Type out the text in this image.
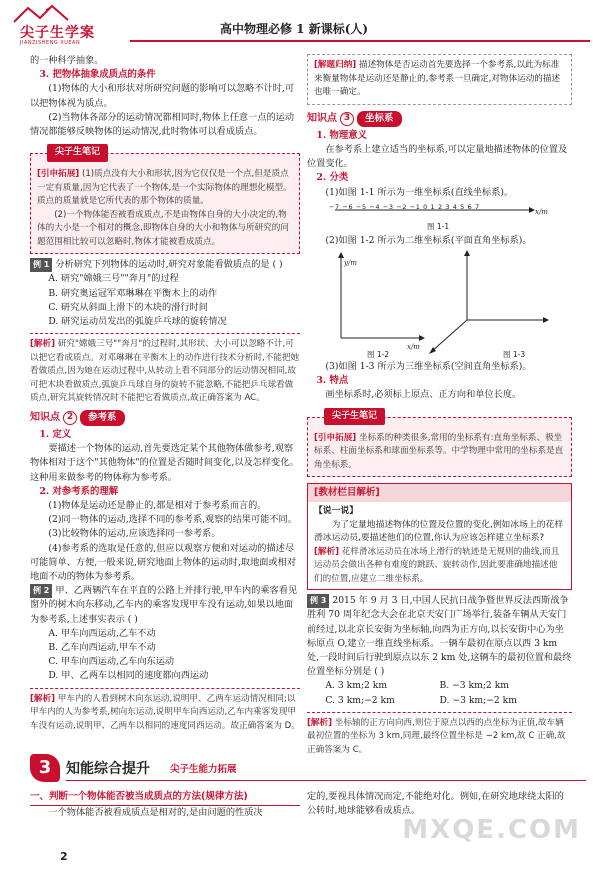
尖子生学案
JIANZISHENG XUEAN
高中物理必修 1 新课标(人)
的一种科学抽象。
3. 把物体抽象成质点的条件
(1)物体的大小和形状对所研究问题的影响可以忽略不计时,可以把物体视为质点。
(2)当物体各部分的运动情况都相同时,物体上任意一点的运动情况都能够反映物体的运动情况,此时物体可以看成质点。
尖子生笔记
[引申拓展] (1)质点没有大小和形状,因为它仅仅是一个点,但是质点一定有质量,因为它代表了一个物体,是一个实际物体的理想化模型。质点的质量就是它所代表的那个物体的质量。
(2)一个物体能否被看成质点,不是由物体自身的大小决定的,物体的大小是一个相对的概念,即物体自身的大小和物体与所研究的问题范围相比较可以忽略时,物体才能被看成质点。
例 1 分析研究下列物体的运动时,研究对象能看做质点的是 ( )
A. 研究"嫦娥三号""奔月"的过程
B. 研究奥运冠军邓琳琳在平衡木上的动作
C. 研究从斜面上滑下的木块的滑行时间
D. 研究运动员发出的弧旋乒乓球的旋转情况
[解析] 研究"嫦娥三号""奔月"的过程时,其形状、大小可以忽略不计,可以把它看成质点。对邓琳琳在平衡木上的动作进行技术分析时,不能把她看做质点,因为她在运动过程中,从转动上看不同部分的运动情况相同,故可把木块看做质点,弧旋乒乓球自身的旋转不能忽略,不能把乒乓球看做质点,研究其旋转情况时不能把它看做质点,故正确答案为 AC。
知识点 2	参考系
1. 定义
要描述一个物体的运动,首先要选定某个其他物体做参考,观察物体相对于这个"其他物体"的位置是否随时间变化,以及怎样变化。这种用来做参考的物体称为参考系。
2. 对参考系的理解
(1)物体是运动还是静止的,都是相对于参考系而言的。
(2)同一物体的运动,选择不同的参考系,观察的结果可能不同。
(3)比较物体的运动,应该选择同一参考系。
(4)参考系的选取是任意的,但应以观察方便和对运动的描述尽可能简单、方便,一般来说,研究地面上物体的运动时,取地面或相对地面不动的物体为参考系。
例 2 甲、乙两辆汽车在平直的公路上并排行驶,甲车内的乘客看见窗外的树木向东移动,乙车内的乘客发现甲车没有运动,如果以地面为参考系,上述事实表示 ( )
A. 甲车向西运动,乙车不动
B. 乙车向西运动,甲车不动
C. 甲车向西运动,乙车向东运动
D. 甲、乙两车以相同的速度都向西运动
[解析] 甲车内的人看到树木向东运动,说明甲、乙两车运动情况相同;以甲车内的人为参考系,树向东运动,说明甲车向西运动,乙车内乘客发现甲车没有运动,说明甲、乙两车以相同的速度同西运动。故正确答案为 D。
[解题归纳] 描述物体是否运动首先要选择一个参考系,以此为标准来衡量物体是运动还是静止的,参考系一旦确定,对物体运动的描述也唯一确定。
知识点 3	坐标系
1. 物理意义
在参考系上建立适当的坐标系,可以定量地描述物体的位置及位置变化。
2. 分类
(1)如图 1-1 所示为一维坐标系(直线坐标系)。
−7 −6 −5 −4 −3 −2 −1 0 1 2 3 4 5 6 7
x/m
图 1-1
(2)如图 1-2 所示为二维坐标系(平面直角坐标系)。
y/m
x/m
图 1-2	图 1-3
(3)如图 1-3 所示为三维坐标系(空间直角坐标系)。
3. 特点
画坐标系时,必须标上原点、正方向和单位长度。
尖子生笔记
[引申拓展] 坐标系的种类很多,常用的坐标系有:直角坐标系、极坐标系、柱面坐标系和球面坐标系等。中学物理中常用的坐标系是直角坐标系。
[教材栏目解析]
【说一说】
为了定量地描述物体的位置及位置的变化,例如冰场上的花样滑冰运动员,要描述他们的位置,你认为应该怎样建立坐标系?
[解析] 花样滑冰运动员在冰场上滑行的轨迹是无规则的曲线,而且运动员会做出各种有难度的跳跃、旋转动作,因此要准确地描述他们的位置,应建立二维坐标系。
例 3 2015 年 9 月 3 日,中国人民抗日战争暨世界反法西斯战争胜利 70 周年纪念大会在北京天安门广场举行,装备车辆从天安门前经过,以北京长安街为坐标轴,向西为正方向,以长安街中心为坐标原点 O,建立一维直线坐标系。一辆车最初在原点以西 3 km 处,一段时间后行驶到原点以东 2 km 处,这辆车的最初位置和最终位置坐标分别是 ( )
A. 3 km;2 km	B. −3 km;2 km
C. 3 km;−2 km	D. −3 km;−2 km
[解析] 坐标轴的正方向向西,则位于原点以西的点坐标为正值,故车辆最初位置的坐标为 3 km,同理,最终位置坐标是 −2 km,故 C 正确,故正确答案为 C。
3	知能综合提升 尖子生能力拓展
一、判断一个物体能否被当成质点的方法(规律方法)
一个物体能否被看成质点是相对的,是由问题的性质决
定的,要视具体情况而定,不能绝对化。例如,在研究地球绕太阳的公转时,地球能够看成质点。
2
MXQE.COM
